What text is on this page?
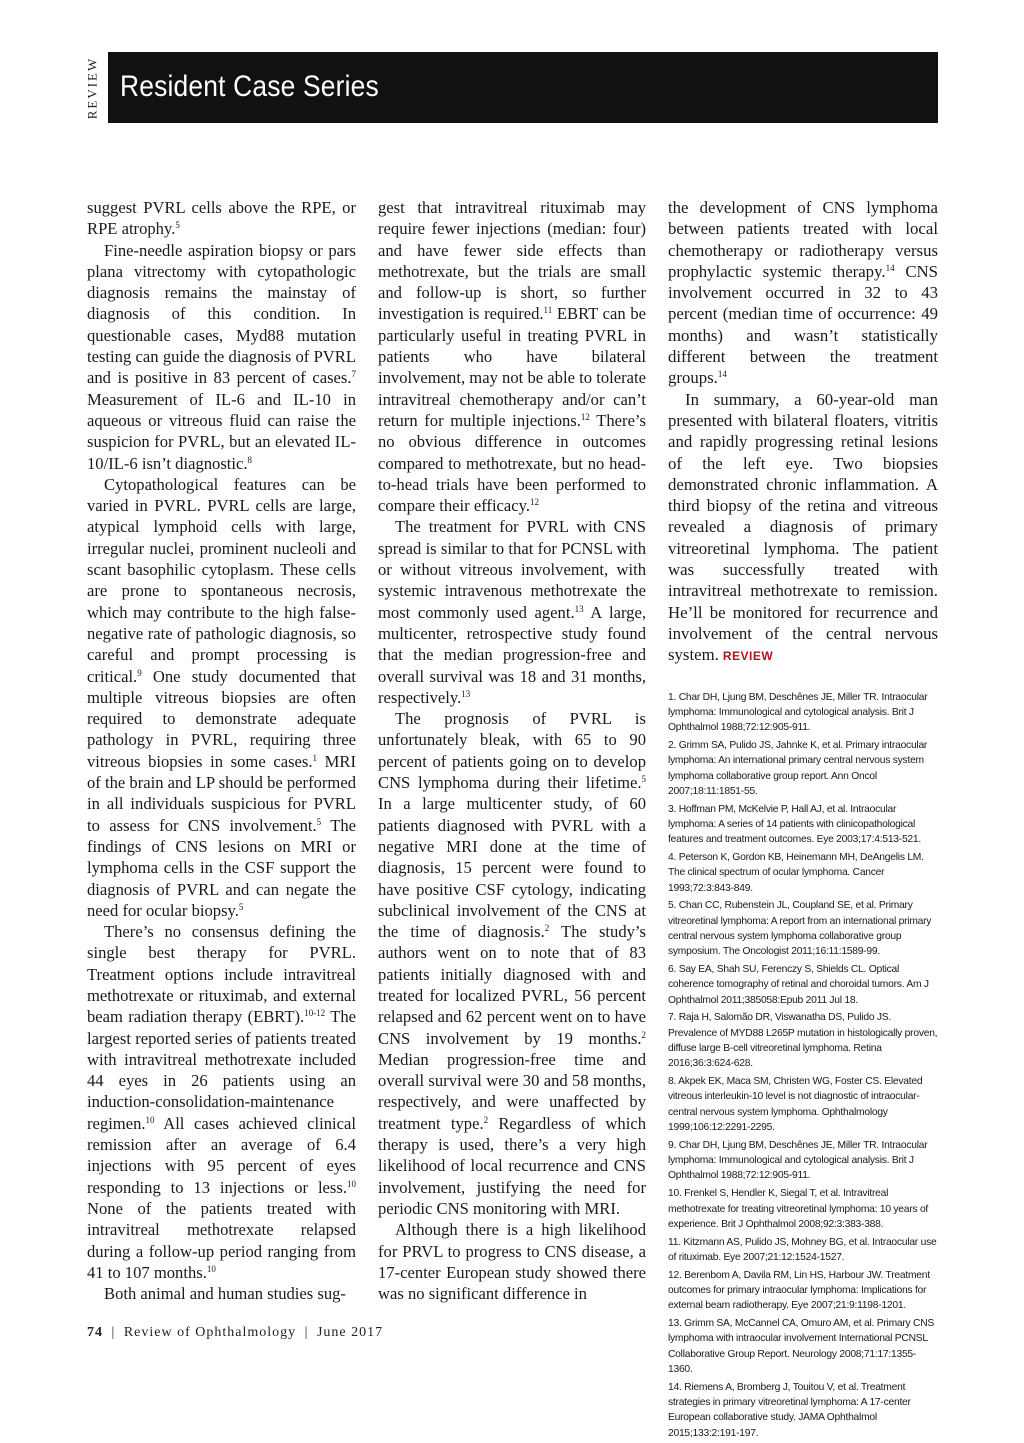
REVIEW Resident Case Series

suggest PVRL cells above the RPE, or RPE atrophy.$^5$

Fine-needle aspiration biopsy or pars plana vitrectomy with cytopathologic diagnosis remains the mainstay of diagnosis of this condition. In questionable cases, Myd88 mutation testing can guide the diagnosis of PVRL and is positive in 83 percent of cases.$^7$ Measurement of IL-6 and IL-10 in aqueous or vitreous fluid can raise the suspicion for PVRL, but an elevated IL-10/IL-6 isn’t diagnostic.$^8$

Cytopathological features can be varied in PVRL. PVRL cells are large, atypical lymphoid cells with large, irregular nuclei, prominent nucleoli and scant basophilic cytoplasm. These cells are prone to spontaneous necrosis, which may contribute to the high false-negative rate of pathologic diagnosis, so careful and prompt processing is critical.$^9$ One study documented that multiple vitreous biopsies are often required to demonstrate adequate pathology in PVRL, requiring three vitreous biopsies in some cases.$^1$ MRI of the brain and LP should be performed in all individuals suspicious for PVRL to assess for CNS involvement.$^5$ The findings of CNS lesions on MRI or lymphoma cells in the CSF support the diagnosis of PVRL and can negate the need for ocular biopsy.$^5$

There’s no consensus defining the single best therapy for PVRL. Treatment options include intravitreal methotrexate or rituximab, and external beam radiation therapy (EBRT).$^{10-12}$ The largest reported series of patients treated with intravitreal methotrexate included 44 eyes in 26 patients using an induction-consolidation-maintenance regimen.$^{10}$ All cases achieved clinical remission after an average of 6.4 injections with 95 percent of eyes responding to 13 injections or less.$^{10}$ None of the patients treated with intravitreal methotrexate relapsed during a follow-up period ranging from 41 to 107 months.$^{10}$

Both animal and human studies sug-

gest that intravitreal rituximab may require fewer injections (median: four) and have fewer side effects than methotrexate, but the trials are small and follow-up is short, so further investigation is required.$^{11}$ EBRT can be particularly useful in treating PVRL in patients who have bilateral involvement, may not be able to tolerate intravitreal chemotherapy and/or can’t return for multiple injections.$^{12}$ There’s no obvious difference in outcomes compared to methotrexate, but no head-to-head trials have been performed to compare their efficacy.$^{12}$

The treatment for PVRL with CNS spread is similar to that for PCNSL with or without vitreous involvement, with systemic intravenous methotrexate the most commonly used agent.$^{13}$ A large, multicenter, retrospective study found that the median progression-free and overall survival was 18 and 31 months, respectively.$^{13}$

The prognosis of PVRL is unfortunately bleak, with 65 to 90 percent of patients going on to develop CNS lymphoma during their lifetime.$^5$ In a large multicenter study, of 60 patients diagnosed with PVRL with a negative MRI done at the time of diagnosis, 15 percent were found to have positive CSF cytology, indicating subclinical involvement of the CNS at the time of diagnosis.$^2$ The study’s authors went on to note that of 83 patients initially diagnosed with and treated for localized PVRL, 56 percent relapsed and 62 percent went on to have CNS involvement by 19 months.$^2$ Median progression-free time and overall survival were 30 and 58 months, respectively, and were unaffected by treatment type.$^2$ Regardless of which therapy is used, there’s a very high likelihood of local recurrence and CNS involvement, justifying the need for periodic CNS monitoring with MRI.

Although there is a high likelihood for PRVL to progress to CNS disease, a 17-center European study showed there was no significant difference in

the development of CNS lymphoma between patients treated with local chemotherapy or radiotherapy versus prophylactic systemic therapy.$^{14}$ CNS involvement occurred in 32 to 43 percent (median time of occurrence: 49 months) and wasn’t statistically different between the treatment groups.$^{14}$

In summary, a 60-year-old man presented with bilateral floaters, vitritis and rapidly progressing retinal lesions of the left eye. Two biopsies demonstrated chronic inflammation. A third biopsy of the retina and vitreous revealed a diagnosis of primary vitreoretinal lymphoma. The patient was successfully treated with intravitreal methotrexate to remission. He’ll be monitored for recurrence and involvement of the central nervous system. REVIEW

1. Char DH, Ljung BM, Deschênes JE, Miller TR. Intraocular lymphoma: Immunological and cytological analysis. Brit J Ophthalmol 1988;72:12:905-911.
2. Grimm SA, Pulido JS, Jahnke K, et al. Primary intraocular lymphoma: An international primary central nervous system lymphoma collaborative group report. Ann Oncol 2007;18:11:1851-55.
3. Hoffman PM, McKelvie P, Hall AJ, et al. Intraocular lymphoma: A series of 14 patients with clinicopathological features and treatment outcomes. Eye 2003;17:4:513-521.
4. Peterson K, Gordon KB, Heinemann MH, DeAngelis LM. The clinical spectrum of ocular lymphoma. Cancer 1993;72:3:843-849.
5. Chan CC, Rubenstein JL, Coupland SE, et al. Primary vitreoretinal lymphoma: A report from an international primary central nervous system lymphoma collaborative group symposium. The Oncologist 2011;16:11:1589-99.
6. Say EA, Shah SU, Ferenczy S, Shields CL. Optical coherence tomography of retinal and choroidal tumors. Am J Ophthalmol 2011;385058:Epub 2011 Jul 18.
7. Raja H, Salomão DR, Viswanatha DS, Pulido JS. Prevalence of MYD88 L265P mutation in histologically proven, diffuse large B-cell vitreoretinal lymphoma. Retina 2016;36:3:624-628.
8. Akpek EK, Maca SM, Christen WG, Foster CS. Elevated vitreous interleukin-10 level is not diagnostic of intraocular-central nervous system lymphoma. Ophthalmology 1999;106:12:2291-2295.
9. Char DH, Ljung BM, Deschênes JE, Miller TR. Intraocular lymphoma: Immunological and cytological analysis. Brit J Ophthalmol 1988;72:12:905-911.
10. Frenkel S, Hendler K, Siegal T, et al. Intravitreal methotrexate for treating vitreoretinal lymphoma: 10 years of experience. Brit J Ophthalmol 2008;92:3:383-388.
11. Kitzmann AS, Pulido JS, Mohney BG, et al. Intraocular use of rituximab. Eye 2007;21:12:1524-1527.
12. Berenbom A, Davila RM, Lin HS, Harbour JW. Treatment outcomes for primary intraocular lymphoma: Implications for external beam radiotherapy. Eye 2007;21:9:1198-1201.
13. Grimm SA, McCannel CA, Omuro AM, et al. Primary CNS lymphoma with intraocular involvement International PCNSL Collaborative Group Report. Neurology 2008;71:17:1355-1360.
14. Riemens A, Bromberg J, Touitou V, et al. Treatment strategies in primary vitreoretinal lymphoma: A 17-center European collaborative study. JAMA Ophthalmol 2015;133:2:191-197.
74 | Review of Ophthalmology | June 2017
